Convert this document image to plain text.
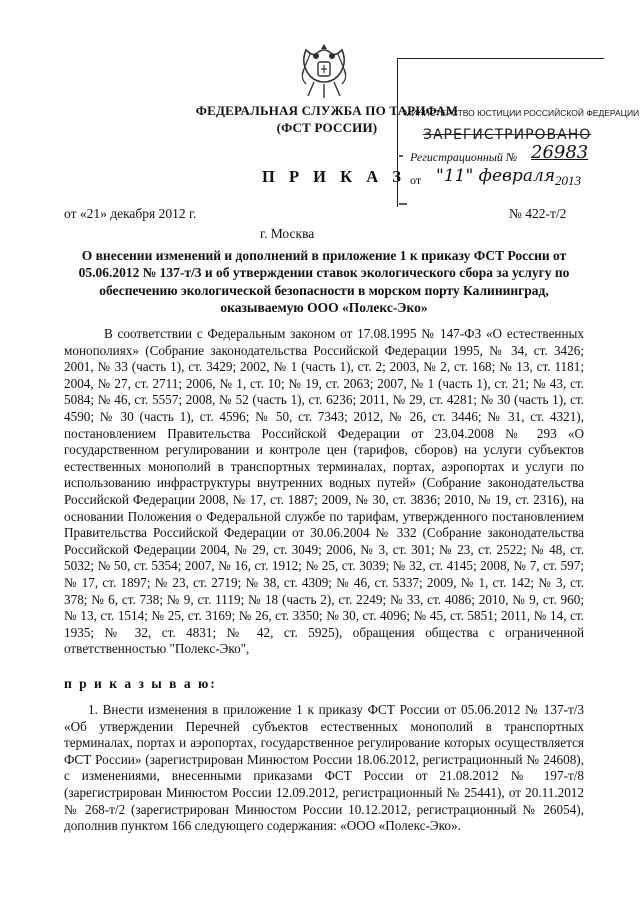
ФЕДЕРАЛЬНАЯ СЛУЖБА ПО ТАРИФАМ
(ФСТ РОССИИ)
МИНИСТЕРСТВО ЮСТИЦИИ РОССИЙСКОЙ ФЕДЕРАЦИИ
ЗАРЕГИСТРИРОВАНО
Регистрационный № 26983
от "11" февраля 2013
П Р И К А З
от «21» декабря 2012 г.	№ 422-т/2
г. Москва
О внесении изменений и дополнений в приложение 1 к приказу ФСТ России от 05.06.2012 № 137-т/3 и об утверждении ставок экологического сбора за услугу по обеспечению экологической безопасности в морском порту Калининград, оказываемую ООО «Полекс-Эко»
В соответствии с Федеральным законом от 17.08.1995 № 147-ФЗ «О естественных монополиях» (Собрание законодательства Российской Федерации 1995, № 34, ст. 3426; 2001, № 33 (часть 1), ст. 3429; 2002, № 1 (часть 1), ст. 2; 2003, № 2, ст. 168; № 13, ст. 1181; 2004, № 27, ст. 2711; 2006, № 1, ст. 10; № 19, ст. 2063; 2007, № 1 (часть 1), ст. 21; № 43, ст. 5084; № 46, ст. 5557; 2008, № 52 (часть 1), ст. 6236; 2011, № 29, ст. 4281; № 30 (часть 1), ст. 4590; № 30 (часть 1), ст. 4596; № 50, ст. 7343; 2012, № 26, ст. 3446; № 31, ст. 4321), постановлением Правительства Российской Федерации от 23.04.2008 № 293 «О государственном регулировании и контроле цен (тарифов, сборов) на услуги субъектов естественных монополий в транспортных терминалах, портах, аэропортах и услуги по использованию инфраструктуры внутренних водных путей» (Собрание законодательства Российской Федерации 2008, № 17, ст. 1887; 2009, № 30, ст. 3836; 2010, № 19, ст. 2316), на основании Положения о Федеральной службе по тарифам, утвержденного постановлением Правительства Российской Федерации от 30.06.2004 № 332 (Собрание законодательства Российской Федерации 2004, № 29, ст. 3049; 2006, № 3, ст. 301; № 23, ст. 2522; № 48, ст. 5032; № 50, ст. 5354; 2007, № 16, ст. 1912; № 25, ст. 3039; № 32, ст. 4145; 2008, № 7, ст. 597; № 17, ст. 1897; № 23, ст. 2719; № 38, ст. 4309; № 46, ст. 5337; 2009, № 1, ст. 142; № 3, ст. 378; № 6, ст. 738; № 9, ст. 1119; № 18 (часть 2), ст. 2249; № 33, ст. 4086; 2010, № 9, ст. 960; № 13, ст. 1514; № 25, ст. 3169; № 26, ст. 3350; № 30, ст. 4096; № 45, ст. 5851; 2011, № 14, ст. 1935; № 32, ст. 4831; № 42, ст. 5925), обращения общества с ограниченной ответственностью "Полекс-Эко",
п р и к а з ы в а ю:
1. Внести изменения в приложение 1 к приказу ФСТ России от 05.06.2012 № 137-т/3 «Об утверждении Перечней субъектов естественных монополий в транспортных терминалах, портах и аэропортах, государственное регулирование которых осуществляется ФСТ России» (зарегистрирован Минюстом России 18.06.2012, регистрационный № 24608), с изменениями, внесенными приказами ФСТ России от 21.08.2012 № 197-т/8 (зарегистрирован Минюстом России 12.09.2012, регистрационный № 25441), от 20.11.2012 № 268-т/2 (зарегистрирован Минюстом России 10.12.2012, регистрационный № 26054), дополнив пунктом 166 следующего содержания: «ООО «Полекс-Эко».
